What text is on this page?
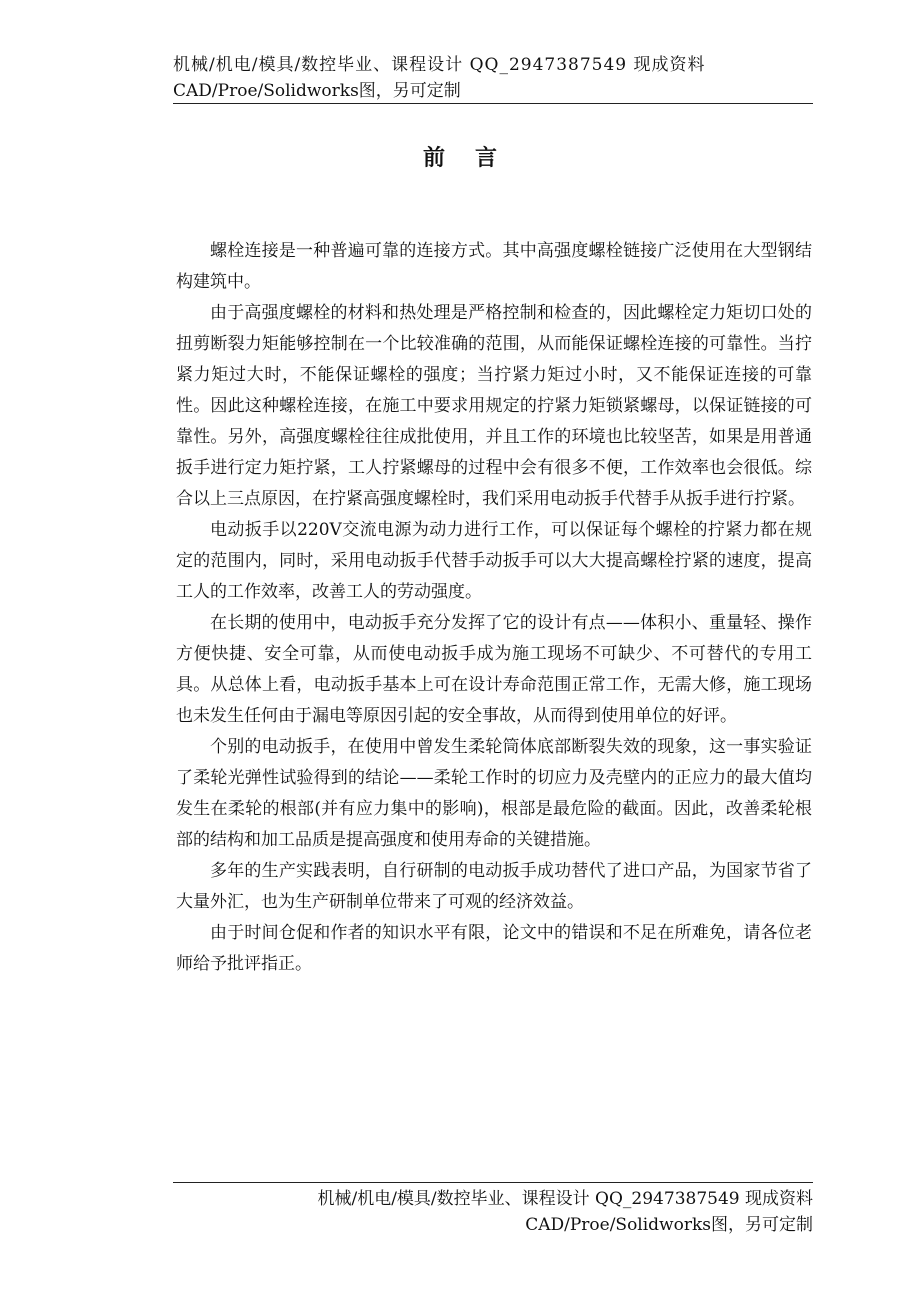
机械/机电/模具/数控毕业、课程设计 QQ_2947387549 现成资料
CAD/Proe/Solidworks图，另可定制
前言

螺栓连接是一种普遍可靠的连接方式。其中高强度螺栓链接广泛使用在大型钢结构建筑中。

由于高强度螺栓的材料和热处理是严格控制和检查的，因此螺栓定力矩切口处的扭剪断裂力矩能够控制在一个比较准确的范围，从而能保证螺栓连接的可靠性。当拧紧力矩过大时，不能保证螺栓的强度；当拧紧力矩过小时，又不能保证连接的可靠性。因此这种螺栓连接，在施工中要求用规定的拧紧力矩锁紧螺母，以保证链接的可靠性。另外，高强度螺栓往往成批使用，并且工作的环境也比较坚苦，如果是用普通扳手进行定力矩拧紧，工人拧紧螺母的过程中会有很多不便，工作效率也会很低。综合以上三点原因，在拧紧高强度螺栓时，我们采用电动扳手代替手从扳手进行拧紧。

电动扳手以220V交流电源为动力进行工作，可以保证每个螺栓的拧紧力都在规定的范围内，同时，采用电动扳手代替手动扳手可以大大提高螺栓拧紧的速度，提高工人的工作效率，改善工人的劳动强度。

在长期的使用中，电动扳手充分发挥了它的设计有点——体积小、重量轻、操作方便快捷、安全可靠，从而使电动扳手成为施工现场不可缺少、不可替代的专用工具。从总体上看，电动扳手基本上可在设计寿命范围正常工作，无需大修，施工现场也未发生任何由于漏电等原因引起的安全事故，从而得到使用单位的好评。

个别的电动扳手，在使用中曾发生柔轮筒体底部断裂失效的现象，这一事实验证了柔轮光弹性试验得到的结论——柔轮工作时的切应力及壳壁内的正应力的最大值均发生在柔轮的根部(并有应力集中的影响)，根部是最危险的截面。因此，改善柔轮根部的结构和加工品质是提高强度和使用寿命的关键措施。

多年的生产实践表明，自行研制的电动扳手成功替代了进口产品，为国家节省了大量外汇，也为生产研制单位带来了可观的经济效益。

由于时间仓促和作者的知识水平有限，论文中的错误和不足在所难免，请各位老师给予批评指正。

机械/机电/模具/数控毕业、课程设计 QQ_2947387549 现成资料
CAD/Proe/Solidworks图，另可定制
